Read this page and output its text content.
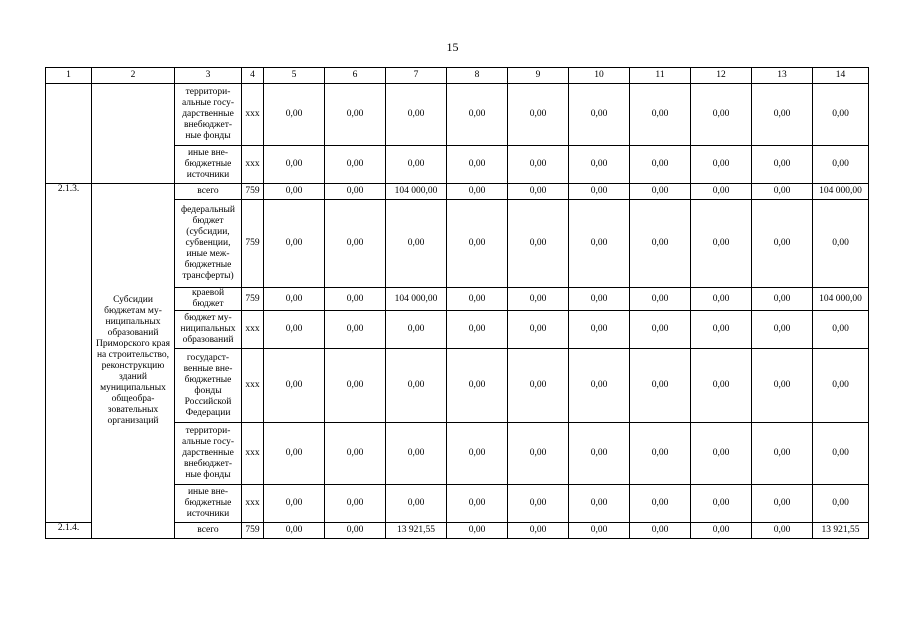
15
1	2	3	4	5	6	7	8	9	10	11	12	13	14
		территори-альные госу-дарственные внебюджет-ные фонды	ххх	0,00	0,00	0,00	0,00	0,00	0,00	0,00	0,00	0,00	0,00
		иные вне-бюджетные источники	ххх	0,00	0,00	0,00	0,00	0,00	0,00	0,00	0,00	0,00	0,00
2.1.3.	Субсидии бюджетам му-ниципальных образований Приморского края на строительство, реконструкцию зданий муниципальных общеобра-зовательных организаций	всего	759	0,00	0,00	104 000,00	0,00	0,00	0,00	0,00	0,00	0,00	104 000,00
		федеральный бюджет (субсидии, субвенции, иные меж-бюджетные трансферты)	759	0,00	0,00	0,00	0,00	0,00	0,00	0,00	0,00	0,00	0,00
		краевой бюджет	759	0,00	0,00	104 000,00	0,00	0,00	0,00	0,00	0,00	0,00	104 000,00
		бюджет му-ниципальных образований	ххх	0,00	0,00	0,00	0,00	0,00	0,00	0,00	0,00	0,00	0,00
		государст-венные вне-бюджетные фонды Российской Федерации	ххх	0,00	0,00	0,00	0,00	0,00	0,00	0,00	0,00	0,00	0,00
		территори-альные госу-дарственные внебюджет-ные фонды	ххх	0,00	0,00	0,00	0,00	0,00	0,00	0,00	0,00	0,00	0,00
		иные вне-бюджетные источники	ххх	0,00	0,00	0,00	0,00	0,00	0,00	0,00	0,00	0,00	0,00
2.1.4.		всего	759	0,00	0,00	13 921,55	0,00	0,00	0,00	0,00	0,00	0,00	13 921,55
